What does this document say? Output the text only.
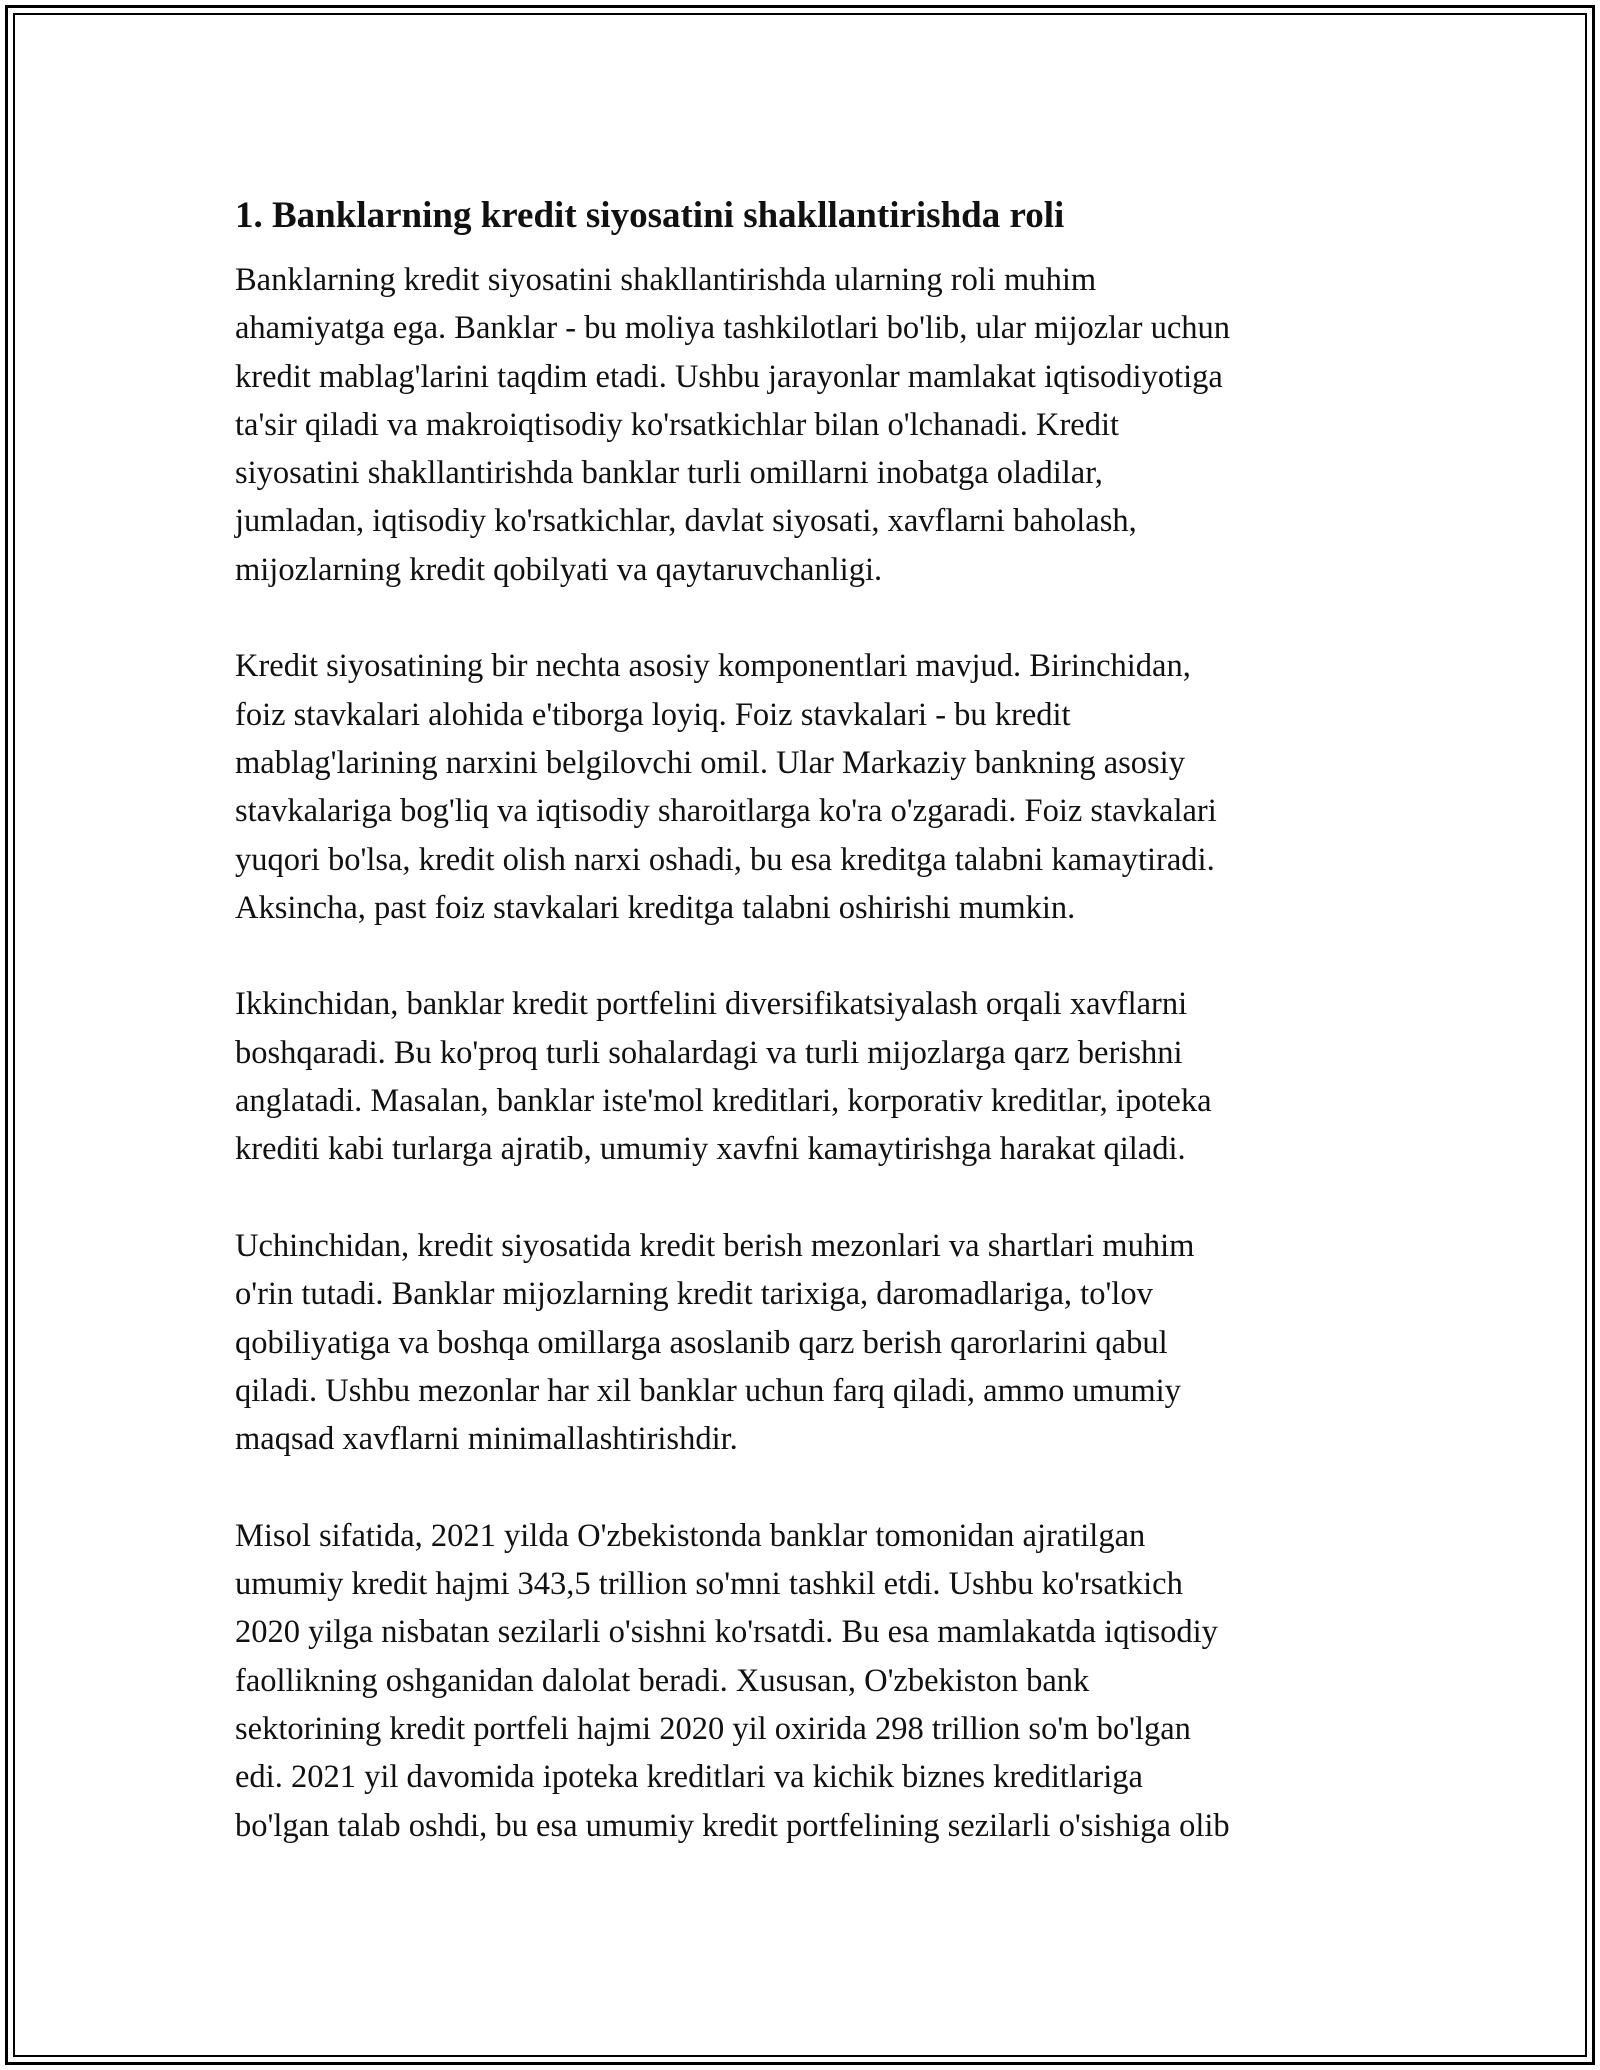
1. Banklarning kredit siyosatini shakllantirishda roli

Banklarning kredit siyosatini shakllantirishda ularning roli muhim
ahamiyatga ega. Banklar - bu moliya tashkilotlari bo'lib, ular mijozlar uchun
kredit mablag'larini taqdim etadi. Ushbu jarayonlar mamlakat iqtisodiyotiga
ta'sir qiladi va makroiqtisodiy ko'rsatkichlar bilan o'lchanadi. Kredit
siyosatini shakllantirishda banklar turli omillarni inobatga oladilar,
jumladan, iqtisodiy ko'rsatkichlar, davlat siyosati, xavflarni baholash,
mijozlarning kredit qobilyati va qaytaruvchanligi.

Kredit siyosatining bir nechta asosiy komponentlari mavjud. Birinchidan,
foiz stavkalari alohida e'tiborga loyiq. Foiz stavkalari - bu kredit
mablag'larining narxini belgilovchi omil. Ular Markaziy bankning asosiy
stavkalariga bog'liq va iqtisodiy sharoitlarga ko'ra o'zgaradi. Foiz stavkalari
yuqori bo'lsa, kredit olish narxi oshadi, bu esa kreditga talabni kamaytiradi.
Aksincha, past foiz stavkalari kreditga talabni oshirishi mumkin.

Ikkinchidan, banklar kredit portfelini diversifikatsiyalash orqali xavflarni
boshqaradi. Bu ko'proq turli sohalardagi va turli mijozlarga qarz berishni
anglatadi. Masalan, banklar iste'mol kreditlari, korporativ kreditlar, ipoteka
krediti kabi turlarga ajratib, umumiy xavfni kamaytirishga harakat qiladi.

Uchinchidan, kredit siyosatida kredit berish mezonlari va shartlari muhim
o'rin tutadi. Banklar mijozlarning kredit tarixiga, daromadlariga, to'lov
qobiliyatiga va boshqa omillarga asoslanib qarz berish qarorlarini qabul
qiladi. Ushbu mezonlar har xil banklar uchun farq qiladi, ammo umumiy
maqsad xavflarni minimallashtirishdir.

Misol sifatida, 2021 yilda O'zbekistonda banklar tomonidan ajratilgan
umumiy kredit hajmi 343,5 trillion so'mni tashkil etdi. Ushbu ko'rsatkich
2020 yilga nisbatan sezilarli o'sishni ko'rsatdi. Bu esa mamlakatda iqtisodiy
faollikning oshganidan dalolat beradi. Xususan, O'zbekiston bank
sektorining kredit portfeli hajmi 2020 yil oxirida 298 trillion so'm bo'lgan
edi. 2021 yil davomida ipoteka kreditlari va kichik biznes kreditlariga
bo'lgan talab oshdi, bu esa umumiy kredit portfelining sezilarli o'sishiga olib
